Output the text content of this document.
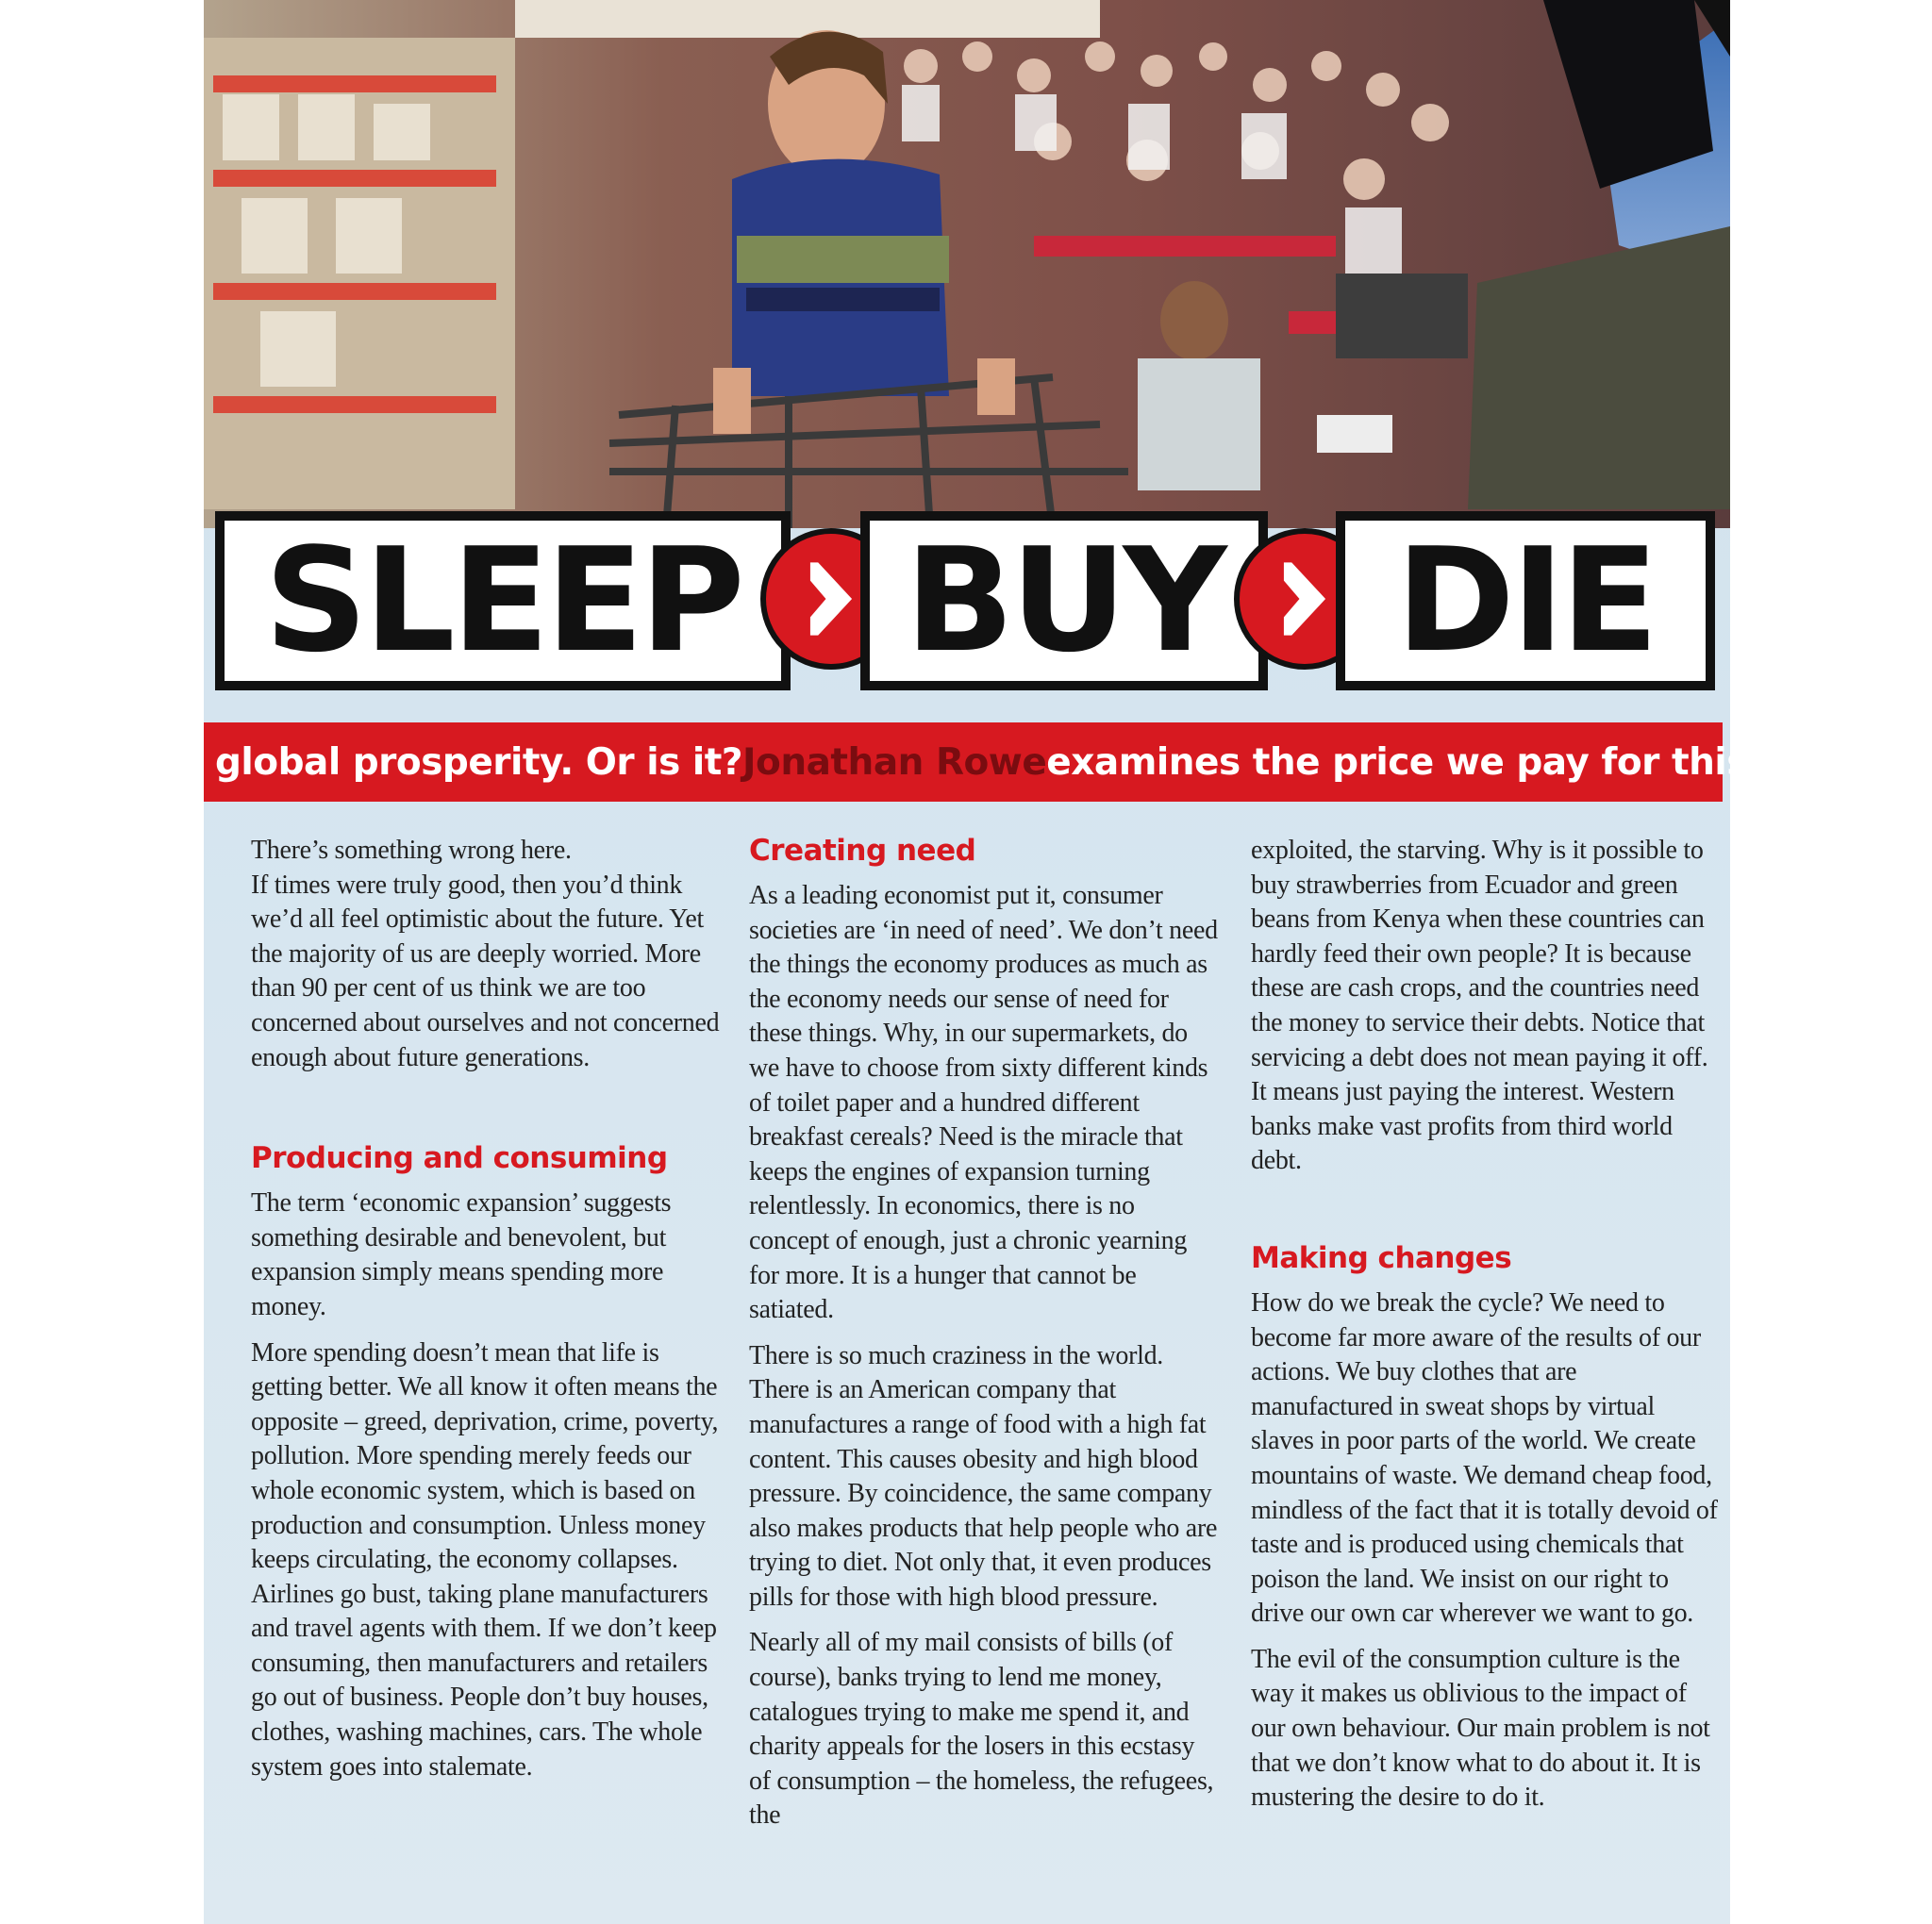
SLEEP BUY DIE
global prosperity. Or is it? Jonathan Rowe examines the price we pay for this growth

There’s something wrong here.

If times were truly good, then you’d think we’d all feel optimistic about the future. Yet the majority of us are deeply worried. More than 90 per cent of us think we are too concerned about ourselves and not concerned enough about future generations.

Producing and consuming

The term ‘economic expansion’ suggests something desirable and benevolent, but expansion simply means spending more money.

More spending doesn’t mean that life is getting better. We all know it often means the opposite – greed, deprivation, crime, poverty, pollution. More spending merely feeds our whole economic system, which is based on production and consumption. Unless money keeps circulating, the economy collapses. Airlines go bust, taking plane manufacturers and travel agents with them. If we don’t keep consuming, then manufacturers and retailers go out of business. People don’t buy houses, clothes, washing machines, cars. The whole system goes into stalemate.

Creating need

As a leading economist put it, consumer societies are ‘in need of need’. We don’t need the things the economy produces as much as the economy needs our sense of need for these things. Why, in our supermarkets, do we have to choose from sixty different kinds of toilet paper and a hundred different breakfast cereals? Need is the miracle that keeps the engines of expansion turning relentlessly. In economics, there is no concept of enough, just a chronic yearning for more. It is a hunger that cannot be satiated.

There is so much craziness in the world. There is an American company that manufactures a range of food with a high fat content. This causes obesity and high blood pressure. By coincidence, the same company also makes products that help people who are trying to diet. Not only that, it even produces pills for those with high blood pressure.

Nearly all of my mail consists of bills (of course), banks trying to lend me money, catalogues trying to make me spend it, and charity appeals for the losers in this ecstasy of consumption – the homeless, the refugees, the

exploited, the starving. Why is it possible to buy strawberries from Ecuador and green beans from Kenya when these countries can hardly feed their own people? It is because these are cash crops, and the countries need the money to service their debts. Notice that servicing a debt does not mean paying it off. It means just paying the interest. Western banks make vast profits from third world debt.

Making changes

How do we break the cycle? We need to become far more aware of the results of our actions. We buy clothes that are manufactured in sweat shops by virtual slaves in poor parts of the world. We create mountains of waste. We demand cheap food, mindless of the fact that it is totally devoid of taste and is produced using chemicals that poison the land. We insist on our right to drive our own car wherever we want to go.

The evil of the consumption culture is the way it makes us oblivious to the impact of our own behaviour. Our main problem is not that we don’t know what to do about it. It is mustering the desire to do it.
